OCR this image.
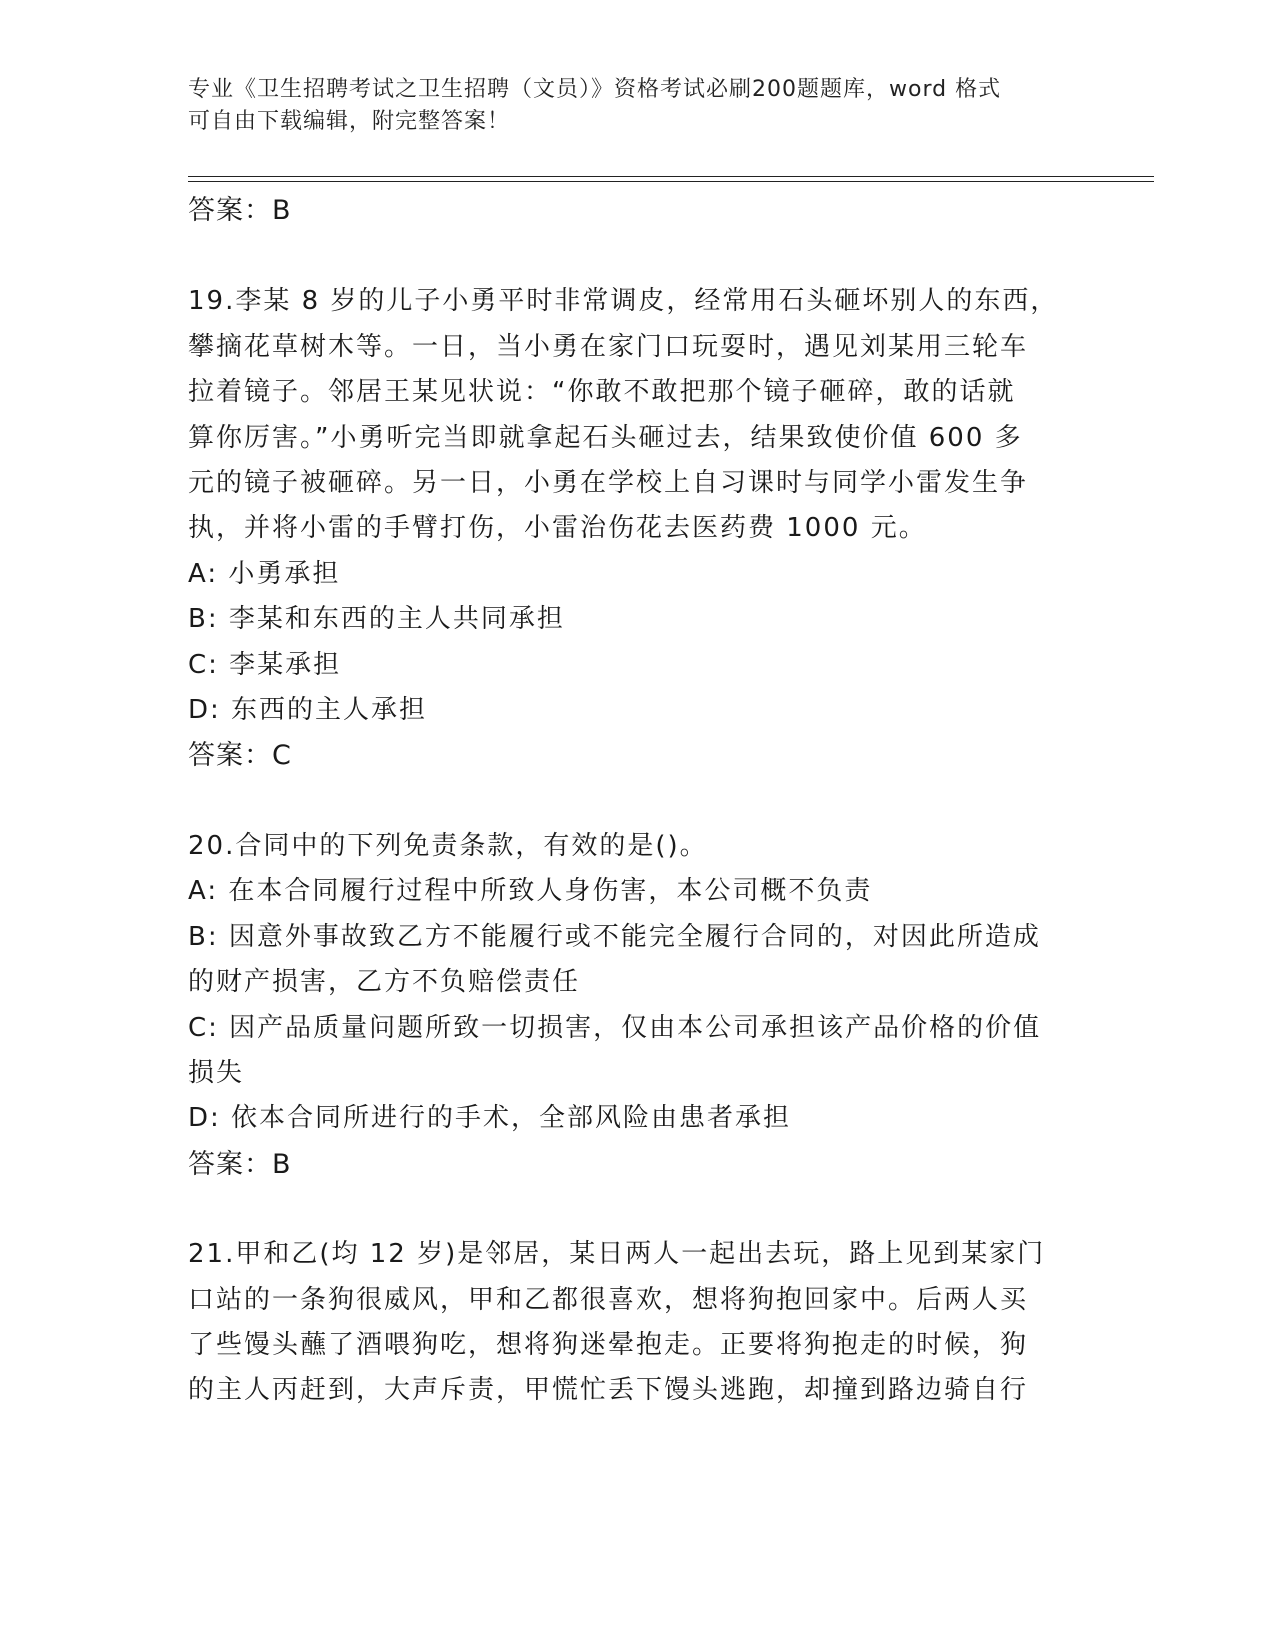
专业《卫生招聘考试之卫生招聘（文员）》资格考试必刷200题题库，word 格式
可自由下载编辑，附完整答案！
答案：B
19.李某 8 岁的儿子小勇平时非常调皮，经常用石头砸坏别人的东西，
攀摘花草树木等。一日，当小勇在家门口玩耍时，遇见刘某用三轮车
拉着镜子。邻居王某见状说：“你敢不敢把那个镜子砸碎，敢的话就
算你厉害。”小勇听完当即就拿起石头砸过去，结果致使价值 600 多
元的镜子被砸碎。另一日，小勇在学校上自习课时与同学小雷发生争
执，并将小雷的手臂打伤，小雷治伤花去医药费 1000 元。
A: 小勇承担
B: 李某和东西的主人共同承担
C: 李某承担
D: 东西的主人承担
答案：C
20.合同中的下列免责条款，有效的是()。
A: 在本合同履行过程中所致人身伤害，本公司概不负责
B: 因意外事故致乙方不能履行或不能完全履行合同的，对因此所造成
的财产损害，乙方不负赔偿责任
C: 因产品质量问题所致一切损害，仅由本公司承担该产品价格的价值
损失
D: 依本合同所进行的手术，全部风险由患者承担
答案：B
21.甲和乙(均 12 岁)是邻居，某日两人一起出去玩，路上见到某家门
口站的一条狗很威风，甲和乙都很喜欢，想将狗抱回家中。后两人买
了些馒头蘸了酒喂狗吃，想将狗迷晕抱走。正要将狗抱走的时候，狗
的主人丙赶到，大声斥责，甲慌忙丢下馒头逃跑，却撞到路边骑自行
